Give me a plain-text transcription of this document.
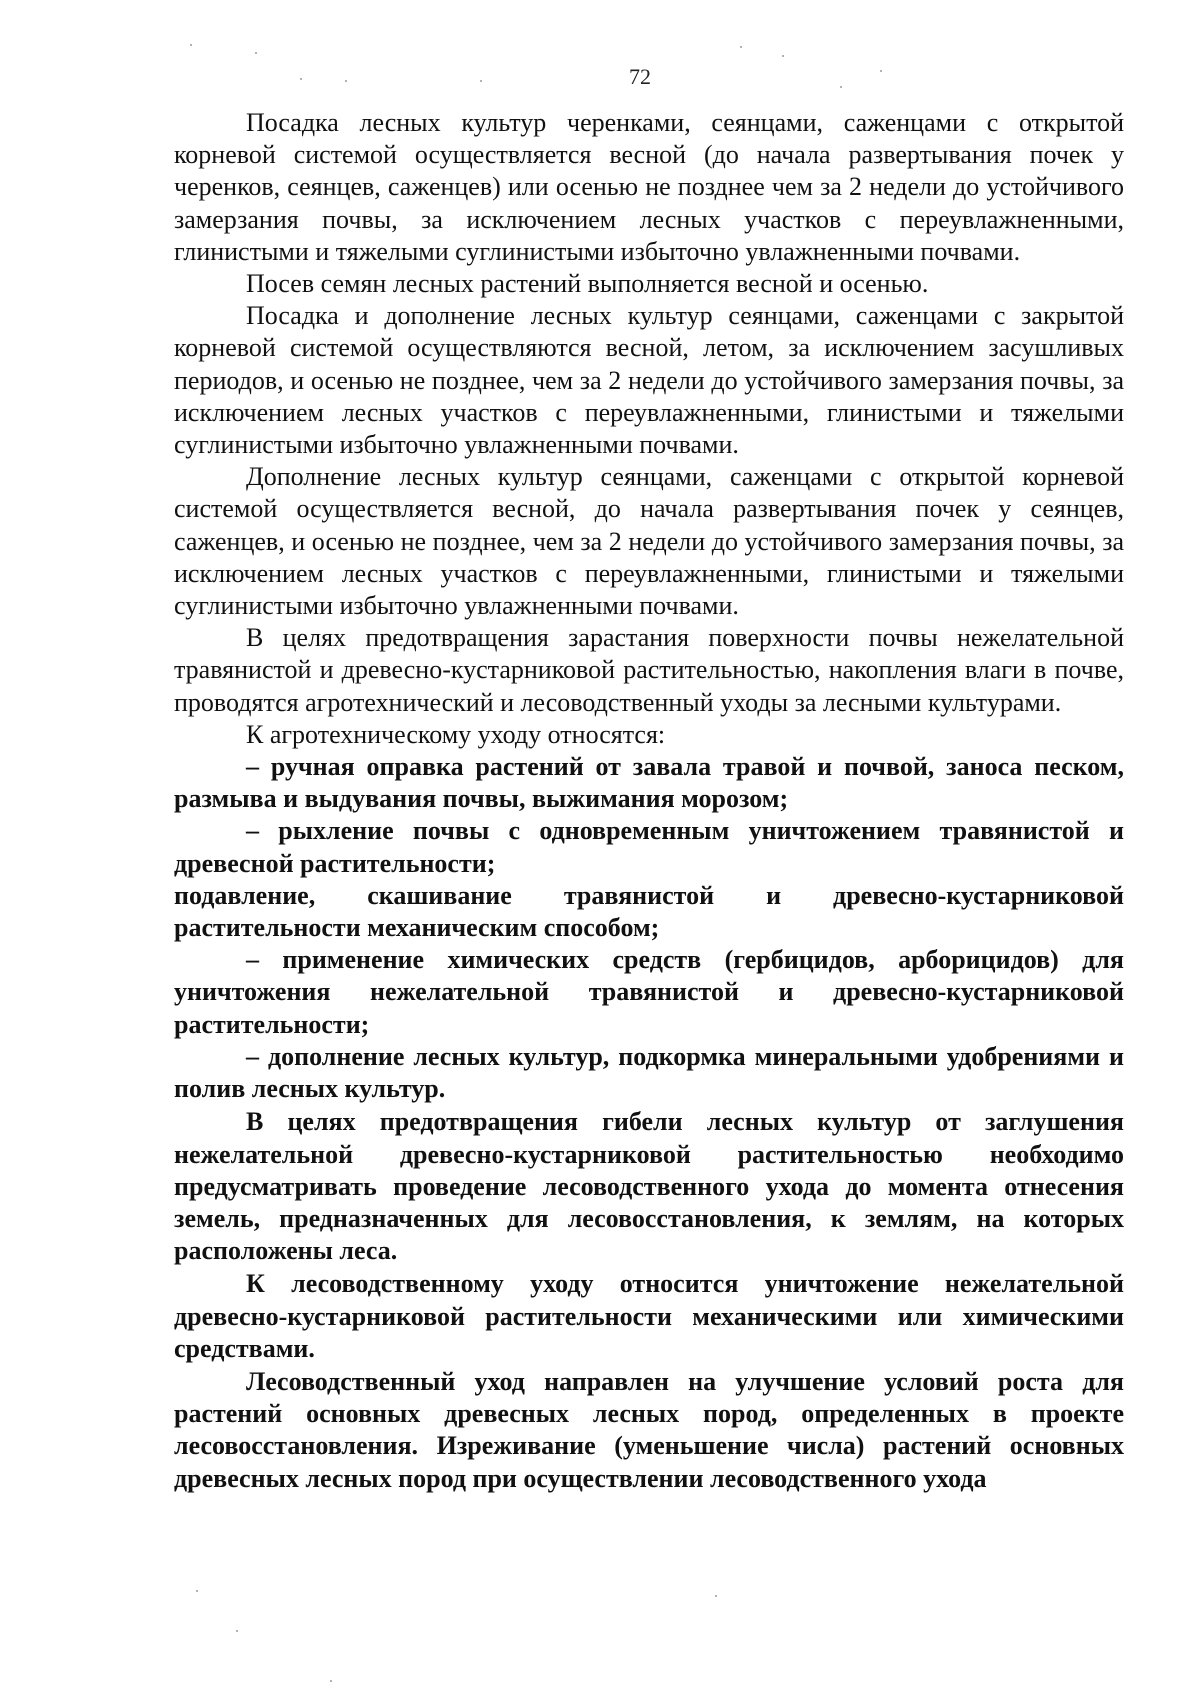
72

Посадка лесных культур черенками, сеянцами, саженцами с открытой корневой системой осуществляется весной (до начала развертывания почек у черенков, сеянцев, саженцев) или осенью не позднее чем за 2 недели до устойчивого замерзания почвы, за исключением лесных участков с переувлажненными, глинистыми и тяжелыми суглинистыми избыточно увлажненными почвами.

Посев семян лесных растений выполняется весной и осенью.

Посадка и дополнение лесных культур сеянцами, саженцами с закрытой корневой системой осуществляются весной, летом, за исключением засушливых периодов, и осенью не позднее, чем за 2 недели до устойчивого замерзания почвы, за исключением лесных участков с переувлажненными, глинистыми и тяжелыми суглинистыми избыточно увлажненными почвами.

Дополнение лесных культур сеянцами, саженцами с открытой корневой системой осуществляется весной, до начала развертывания почек у сеянцев, саженцев, и осенью не позднее, чем за 2 недели до устойчивого замерзания почвы, за исключением лесных участков с переувлажненными, глинистыми и тяжелыми суглинистыми избыточно увлажненными почвами.

В целях предотвращения зарастания поверхности почвы нежелательной травянистой и древесно-кустарниковой растительностью, накопления влаги в почве, проводятся агротехнический и лесоводственный уходы за лесными культурами.

К агротехническому уходу относятся:

– ручная оправка растений от завала травой и почвой, заноса песком, размыва и выдувания почвы, выжимания морозом;

– рыхление почвы с одновременным уничтожением травянистой и древесной растительности;

подавление, скашивание травянистой и древесно-кустарниковой растительности механическим способом;

– применение химических средств (гербицидов, арборицидов) для уничтожения нежелательной травянистой и древесно-кустарниковой растительности;

– дополнение лесных культур, подкормка минеральными удобрениями и полив лесных культур.

В целях предотвращения гибели лесных культур от заглушения нежелательной древесно-кустарниковой растительностью необходимо предусматривать проведение лесоводственного ухода до момента отнесения земель, предназначенных для лесовосстановления, к землям, на которых расположены леса.

К лесоводственному уходу относится уничтожение нежелательной древесно-кустарниковой растительности механическими или химическими средствами.

Лесоводственный уход направлен на улучшение условий роста для растений основных древесных лесных пород, определенных в проекте лесовосстановления. Изреживание (уменьшение числа) растений основных древесных лесных пород при осуществлении лесоводственного ухода
